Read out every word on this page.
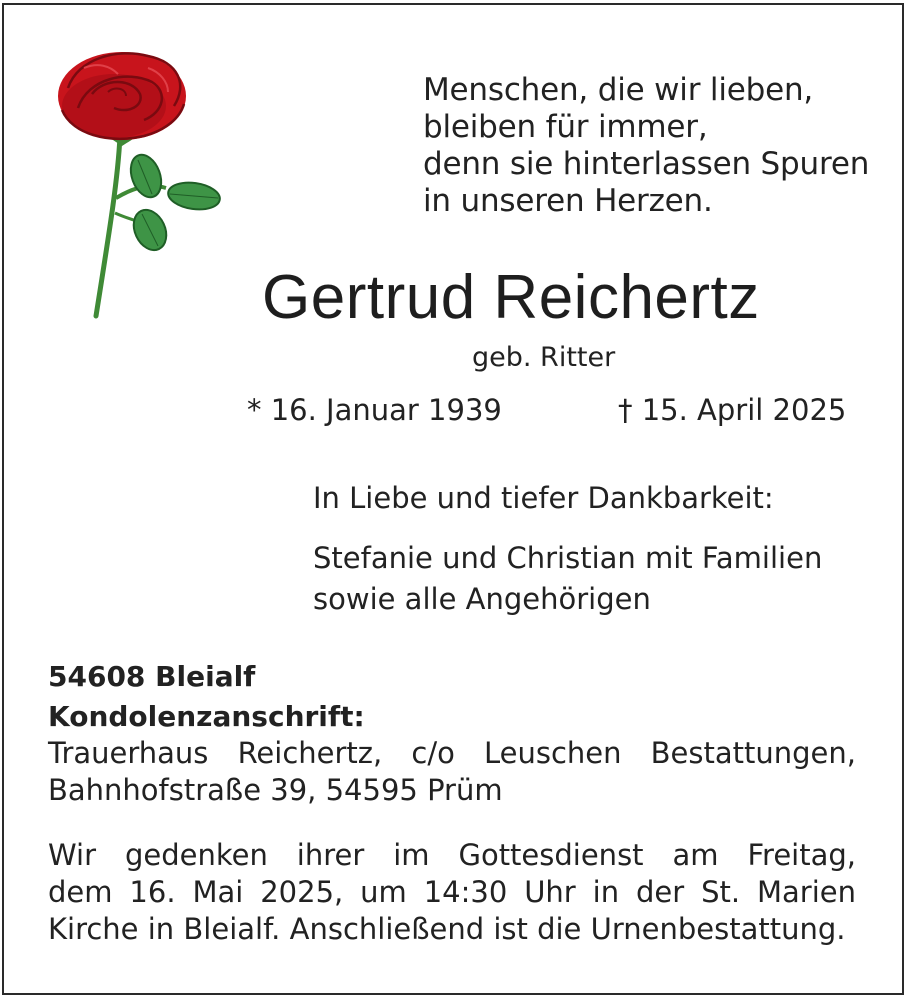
Menschen, die wir lieben,
bleiben für immer,
denn sie hinterlassen Spuren
in unseren Herzen.
Gertrud Reichertz
geb. Ritter
* 16. Januar 1939	† 15. April 2025
In Liebe und tiefer Dankbarkeit:
Stefanie und Christian mit Familien
sowie alle Angehörigen
54608 Bleialf
Kondolenzanschrift:
Trauerhaus Reichertz, c/o Leuschen Bestattungen,
Bahnhofstraße 39, 54595 Prüm
Wir gedenken ihrer im Gottesdienst am Freitag,
dem 16. Mai 2025, um 14:30 Uhr in der St. Marien
Kirche in Bleialf. Anschließend ist die Urnenbestattung.
